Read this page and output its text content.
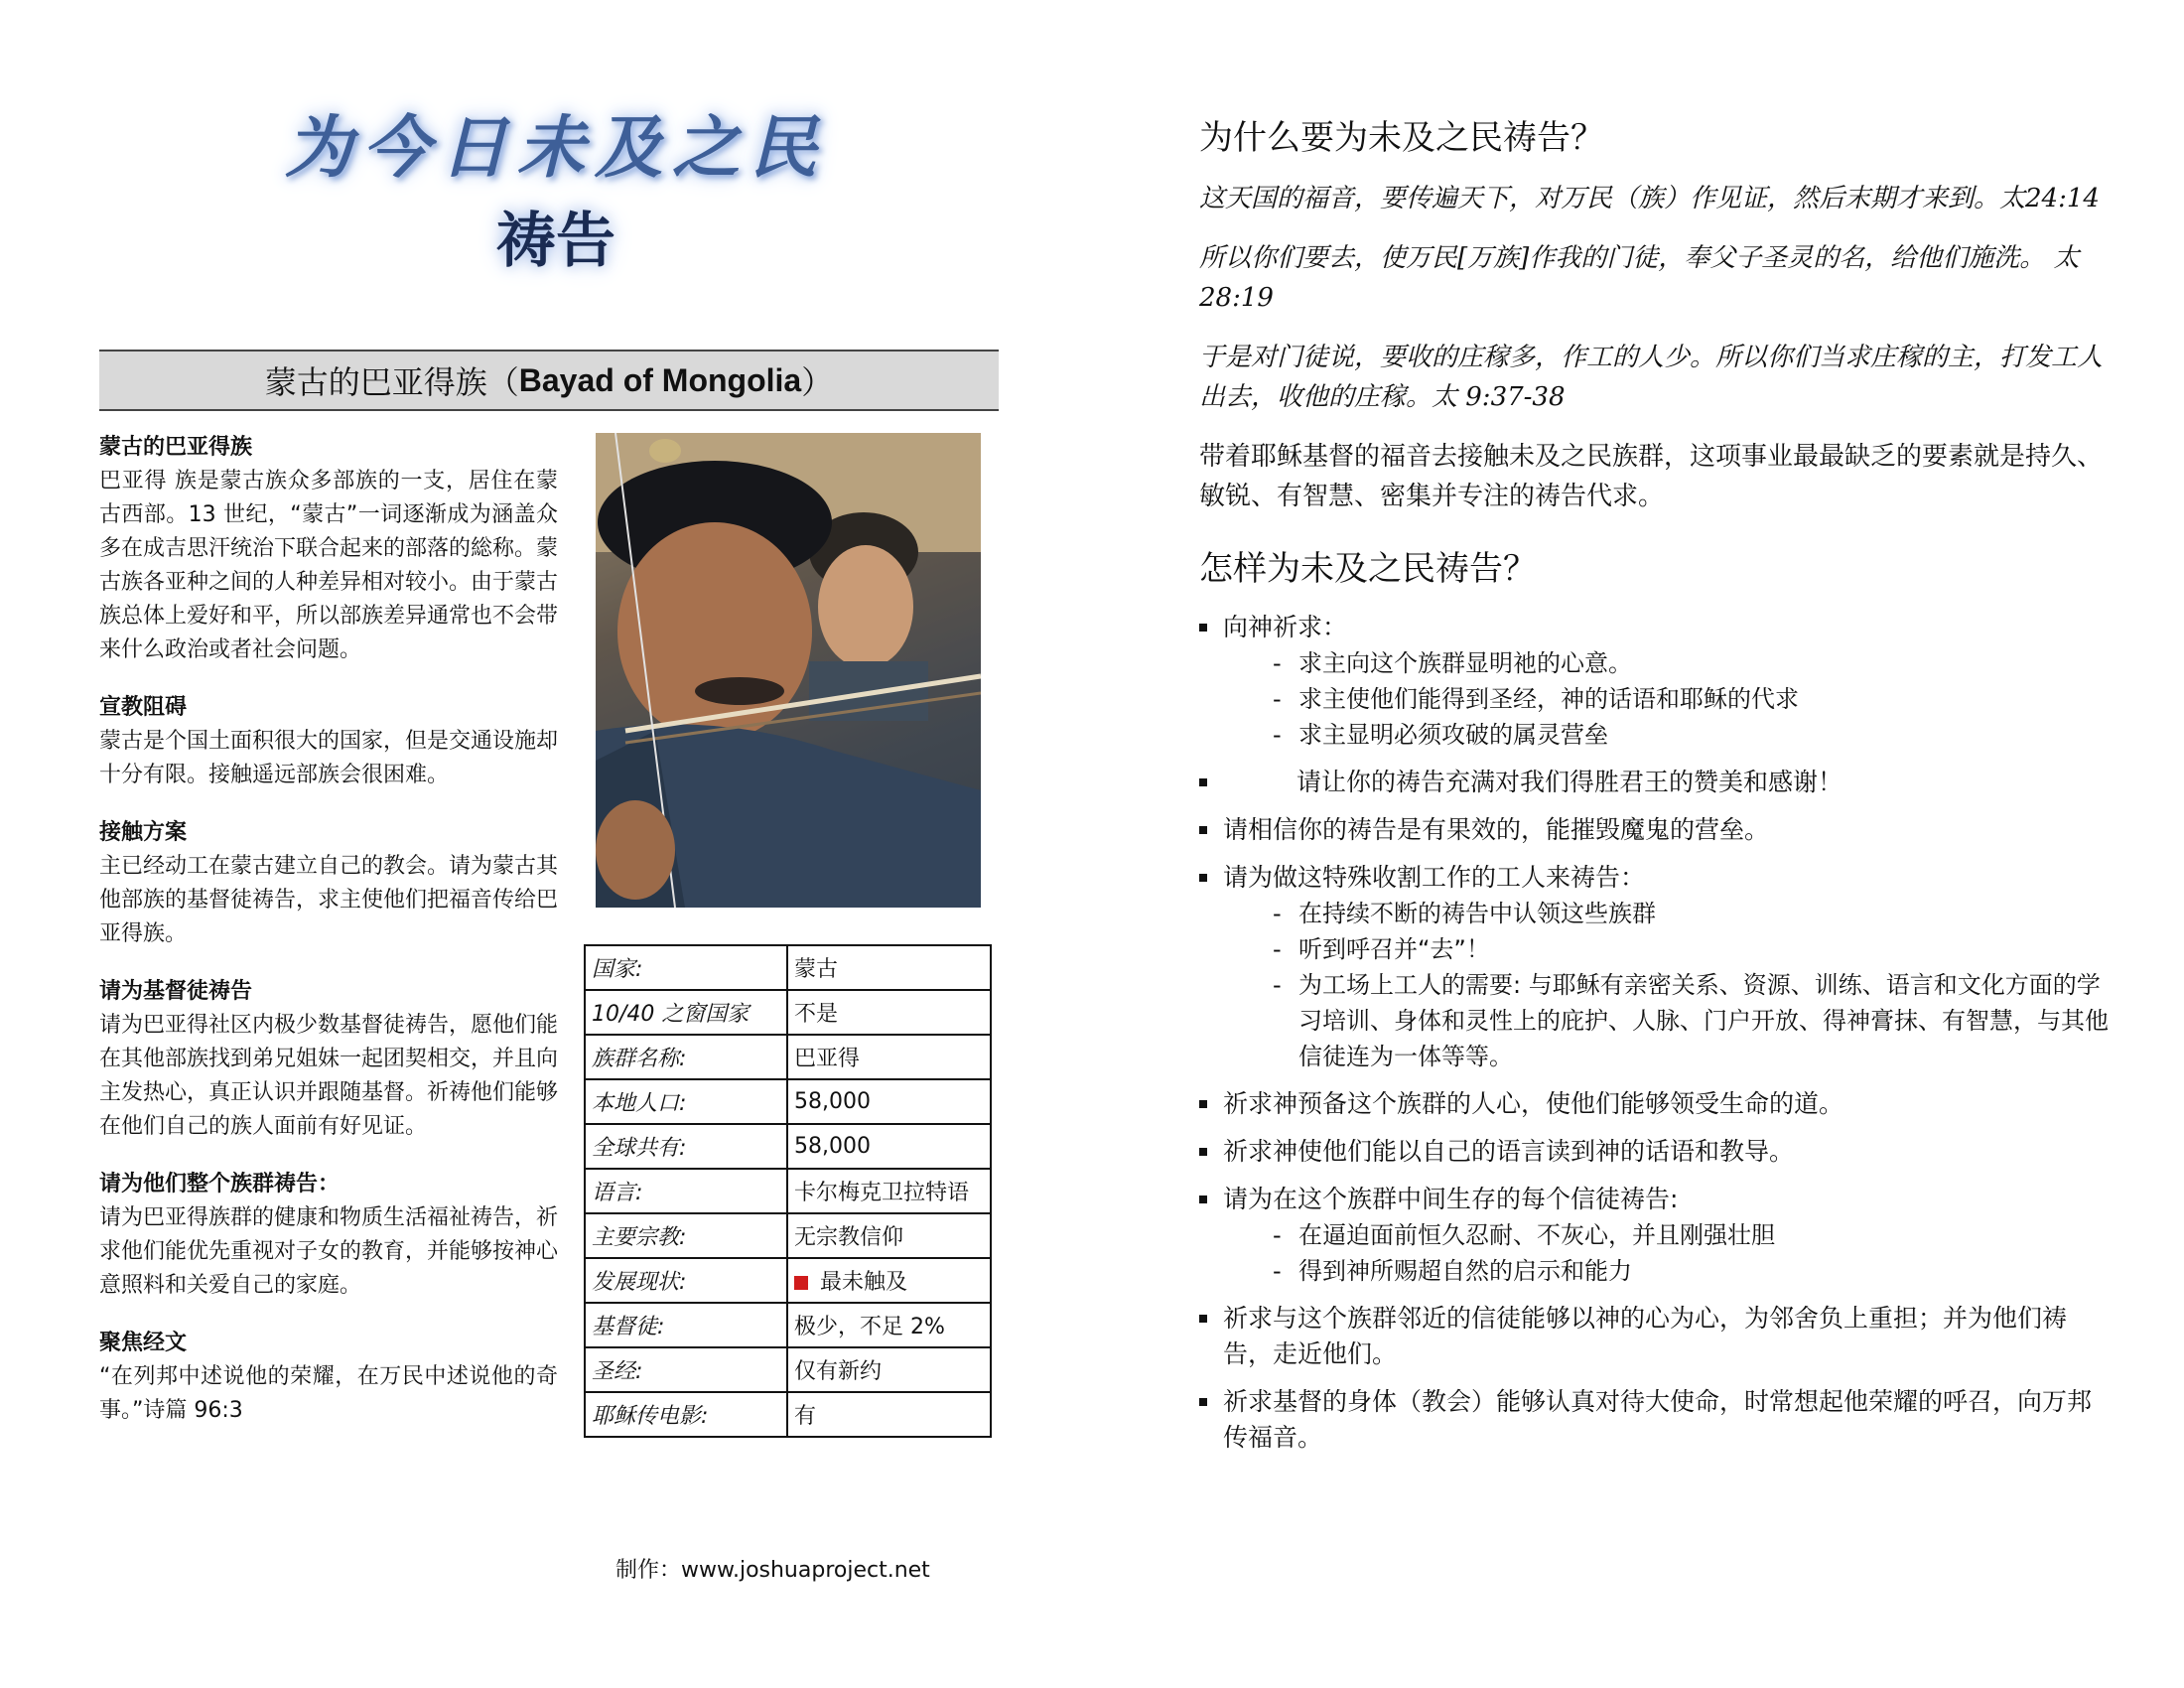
为今日未及之民
祷告
蒙古的巴亚得族（ Bayad of Mongolia ）
蒙古的巴亚得族

巴亚得 族是蒙古族众多部族的一支，居住在蒙古西部。13 世纪，“蒙古”一词逐渐成为涵盖众多在成吉思汗统治下联合起来的部落的総称。蒙古族各亚种之间的人种差异相对较小。由于蒙古族总体上爱好和平，所以部族差异通常也不会带来什么政治或者社会问题。

宣教阻碍

蒙古是个国土面积很大的国家，但是交通设施却十分有限。接触遥远部族会很困难。

接触方案

主已经动工在蒙古建立自己的教会。请为蒙古其他部族的基督徒祷告，求主使他们把福音传给巴亚得族。

请为基督徒祷告

请为巴亚得社区内极少数基督徒祷告，愿他们能在其他部族找到弟兄姐妹一起团契相交，并且向主发热心，真正认识并跟随基督。祈祷他们能够在他们自己的族人面前有好见证。

请为他们整个族群祷告：

请为巴亚得族群的健康和物质生活福祉祷告，祈求他们能优先重视对子女的教育，并能够按神心意照料和关爱自己的家庭。

聚焦经文

“在列邦中述说他的荣耀，在万民中述说他的奇事。”诗篇 96:3

国家:	蒙古
10/40 之窗国家	不是
族群名称:	巴亚得
本地人口:	58,000
全球共有:	58,000
语言:	卡尔梅克卫拉特语
主要宗教:	无宗教信仰
发展现状:	最未触及
基督徒:	极少，不足 2%
圣经:	仅有新约
耶稣传电影:	有
制作：www.joshuaproject.net
为什么要为未及之民祷告？

这天国的福音，要传遍天下，对万民（族）作见证，然后末期才来到。太24:14

所以你们要去，使万民[万族]作我的门徒，奉父子圣灵的名，给他们施洗。 太 28:19

于是对门徒说，要收的庄稼多，作工的人少。所以你们当求庄稼的主，打发工人出去，收他的庄稼。太 9:37-38

带着耶稣基督的福音去接触未及之民族群，这项事业最最缺乏的要素就是持久、敏锐、有智慧、密集并专注的祷告代求。

怎样为未及之民祷告？
向神祈求：
- 求主向这个族群显明祂的心意。
- 求主使他们能得到圣经，神的话语和耶稣的代求
- 求主显明必须攻破的属灵营垒
请让你的祷告充满对我们得胜君王的赞美和感谢！
请相信你的祷告是有果效的，能摧毁魔鬼的营垒。
请为做这特殊收割工作的工人来祷告：
- 在持续不断的祷告中认领这些族群
- 听到呼召并“去”！
- 为工场上工人的需要: 与耶稣有亲密关系、资源、训练、语言和文化方面的学习培训、身体和灵性上的庇护、人脉、门户开放、得神膏抹、有智慧，与其他信徒连为一体等等。
祈求神预备这个族群的人心，使他们能够领受生命的道。
祈求神使他们能以自己的语言读到神的话语和教导。
请为在这个族群中间生存的每个信徒祷告:
- 在逼迫面前恒久忍耐、不灰心，并且刚强壮胆
- 得到神所赐超自然的启示和能力
祈求与这个族群邻近的信徒能够以神的心为心，为邻舍负上重担；并为他们祷告，走近他们。
祈求基督的身体（教会）能够认真对待大使命，时常想起他荣耀的呼召，向万邦传福音。
